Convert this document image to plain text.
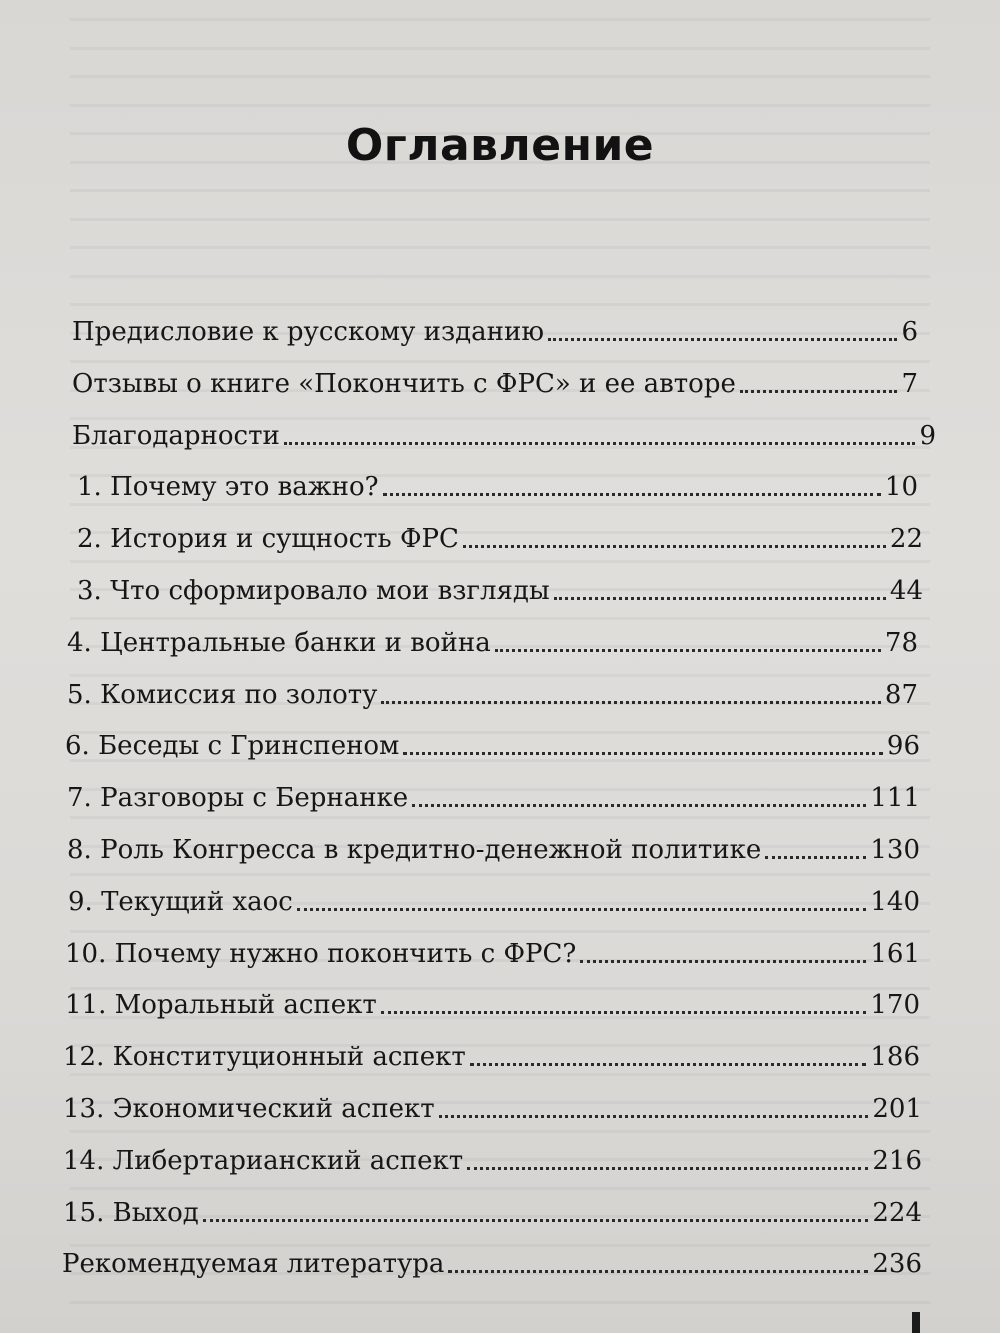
Оглавление
Предисловие к русскому изданию	6
Отзывы о книге «Покончить с ФРС» и ее авторе	7
Благодарности	9
1. Почему это важно?	10
2. История и сущность ФРС	22
3. Что сформировало мои взгляды	44
4. Центральные банки и война	78
5. Комиссия по золоту	87
6. Беседы с Гринспеном	96
7. Разговоры с Бернанке	111
8. Роль Конгресса в кредитно-денежной политике	130
9. Текущий хаос	140
10. Почему нужно покончить с ФРС?	161
11. Моральный аспект	170
12. Конституционный аспект	186
13. Экономический аспект	201
14. Либертарианский аспект	216
15. Выход	224
Рекомендуемая литература	236
